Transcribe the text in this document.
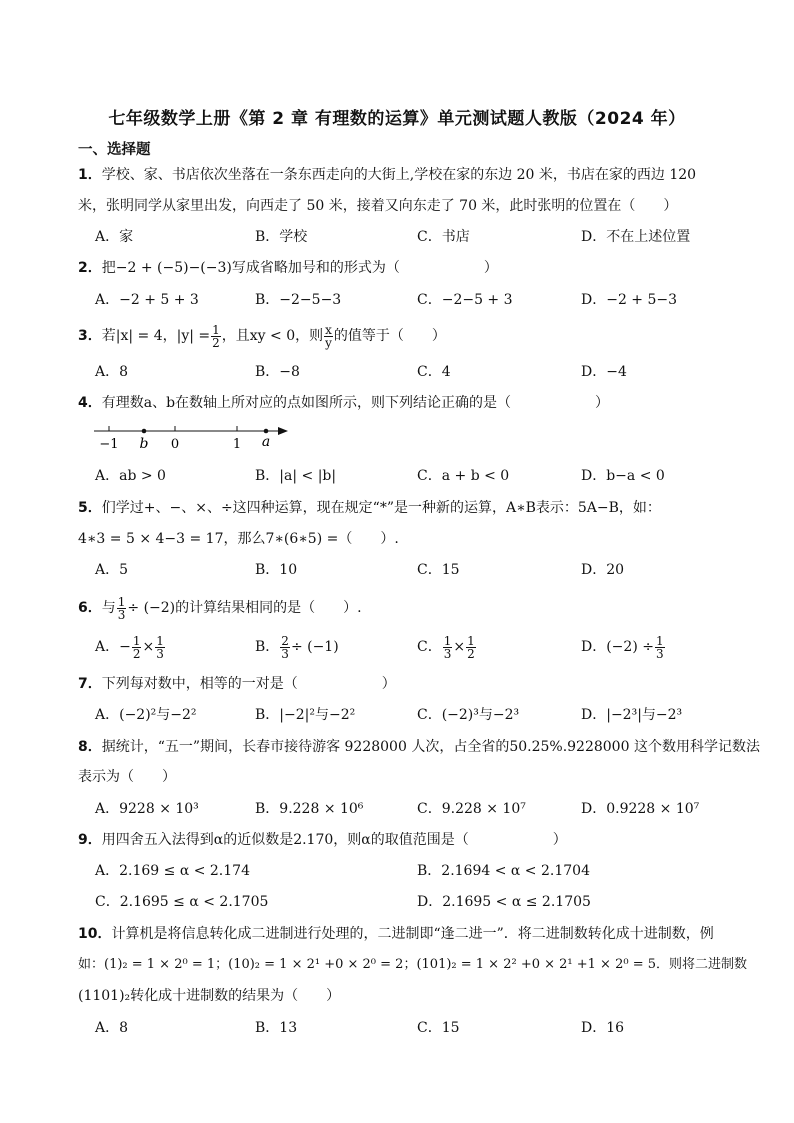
七年级数学上册《第 2 章 有理数的运算》单元测试题人教版（2024 年）
一、选择题
1．学校、家、书店依次坐落在一条东西走向的大街上,学校在家的东边 20 米，书店在家的西边 120
米，张明同学从家里出发，向西走了 50 米，接着又向东走了 70 米，此时张明的位置在（　　）
A．家	B．学校	C．书店	D．不在上述位置
2．把−2 + (−5)−(−3)写成省略加号和的形式为（　　　　　　）
A．−2 + 5 + 3	B．−2−5−3	C．−2−5 + 3	D．−2 + 5−3
3．若|x| = 4，$|y| = \frac{1}{2}$ ，且xy < 0，则 $\frac{x}{y}$ 的值等于（　　）
A．8	B．−8	C．4	D．−4
4．有理数a、b在数轴上所对应的点如图所示，则下列结论正确的是（　　　　　　）
−1 b 0	1 a
A．ab > 0	B．|a| < |b|	C．a + b < 0	D．b−a < 0
5．们学过+、−、×、÷这四种运算，现在规定“*”是一种新的运算，A∗B表示：5A−B，如：
4∗3 = 5 × 4−3 = 17，那么7∗(6∗5) =（　　）.
A．5	B．10	C．15	D．20
6．与 $\frac{1}{3} \div (-2)$的计算结果相同的是（　　）.
A．− $\frac{1}{2} \times \frac{1}{3}$	B． $\frac{2}{3} \div (-1)$	C． $\frac{1}{3} \times \frac{1}{2}$	D．$(-2) \div \frac{1}{3}$
7．下列每对数中，相等的一对是（　　　　　　）
A．(−2)²与−2²	B．|−2|²与−2²	C．(−2)³与−2³	D．|−2³|与−2³
8．据统计，“五一”期间，长春市接待游客 9228000 人次，占全省的50.25%.9228000 这个数用科学记数法
表示为（　　）
A．9228 × 10³	B．9.228 × 10⁶	C．9.228 × 10⁷	D．0.9228 × 10⁷
9．用四舍五入法得到α的近似数是2.170，则α的取值范围是（　　　　　　）
A．2.169 ≤ α < 2.174	B．2.1694 < α < 2.1704
C．2.1695 ≤ α < 2.1705	D．2.1695 < α ≤ 2.1705
10．计算机是将信息转化成二进制进行处理的，二进制即“逢二进一”．将二进制数转化成十进制数，例
如：(1)₂ = 1 × 2⁰ = 1；(10)₂ = 1 × 2¹ +0 × 2⁰ = 2；(101)₂ = 1 × 2² +0 × 2¹ +1 × 2⁰ = 5．则将二进制数
(1101)₂转化成十进制数的结果为（　　）
A．8	B．13	C．15	D．16
